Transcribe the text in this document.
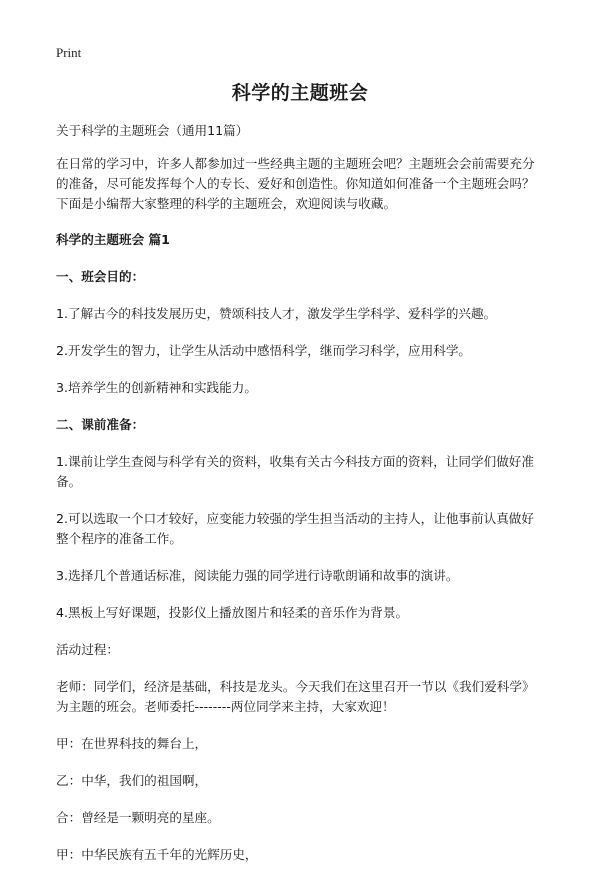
Print
科学的主题班会

关于科学的主题班会（通用11篇）

在日常的学习中，许多人都参加过一些经典主题的主题班会吧？主题班会会前需要充分的准备，尽可能发挥每个人的专长、爱好和创造性。你知道如何准备一个主题班会吗？下面是小编帮大家整理的科学的主题班会，欢迎阅读与收藏。

科学的主题班会 篇1

一、班会目的：

1.了解古今的科技发展历史，赞颂科技人才，激发学生学科学、爱科学的兴趣。

2.开发学生的智力，让学生从活动中感悟科学，继而学习科学，应用科学。

3.培养学生的创新精神和实践能力。

二、课前准备：

1.课前让学生查阅与科学有关的资料，收集有关古今科技方面的资料，让同学们做好准备。

2.可以选取一个口才较好，应变能力较强的学生担当活动的主持人，让他事前认真做好整个程序的准备工作。

3.选择几个普通话标准，阅读能力强的同学进行诗歌朗诵和故事的演讲。

4.黑板上写好课题，投影仪上播放图片和轻柔的音乐作为背景。

活动过程：

老师：同学们，经济是基础，科技是龙头。今天我们在这里召开一节以《我们爱科学》为主题的班会。老师委托--------两位同学来主持，大家欢迎！

甲：在世界科技的舞台上，

乙：中华，我们的祖国啊，

合：曾经是一颗明亮的星座。

甲：中华民族有五千年的光辉历史，
